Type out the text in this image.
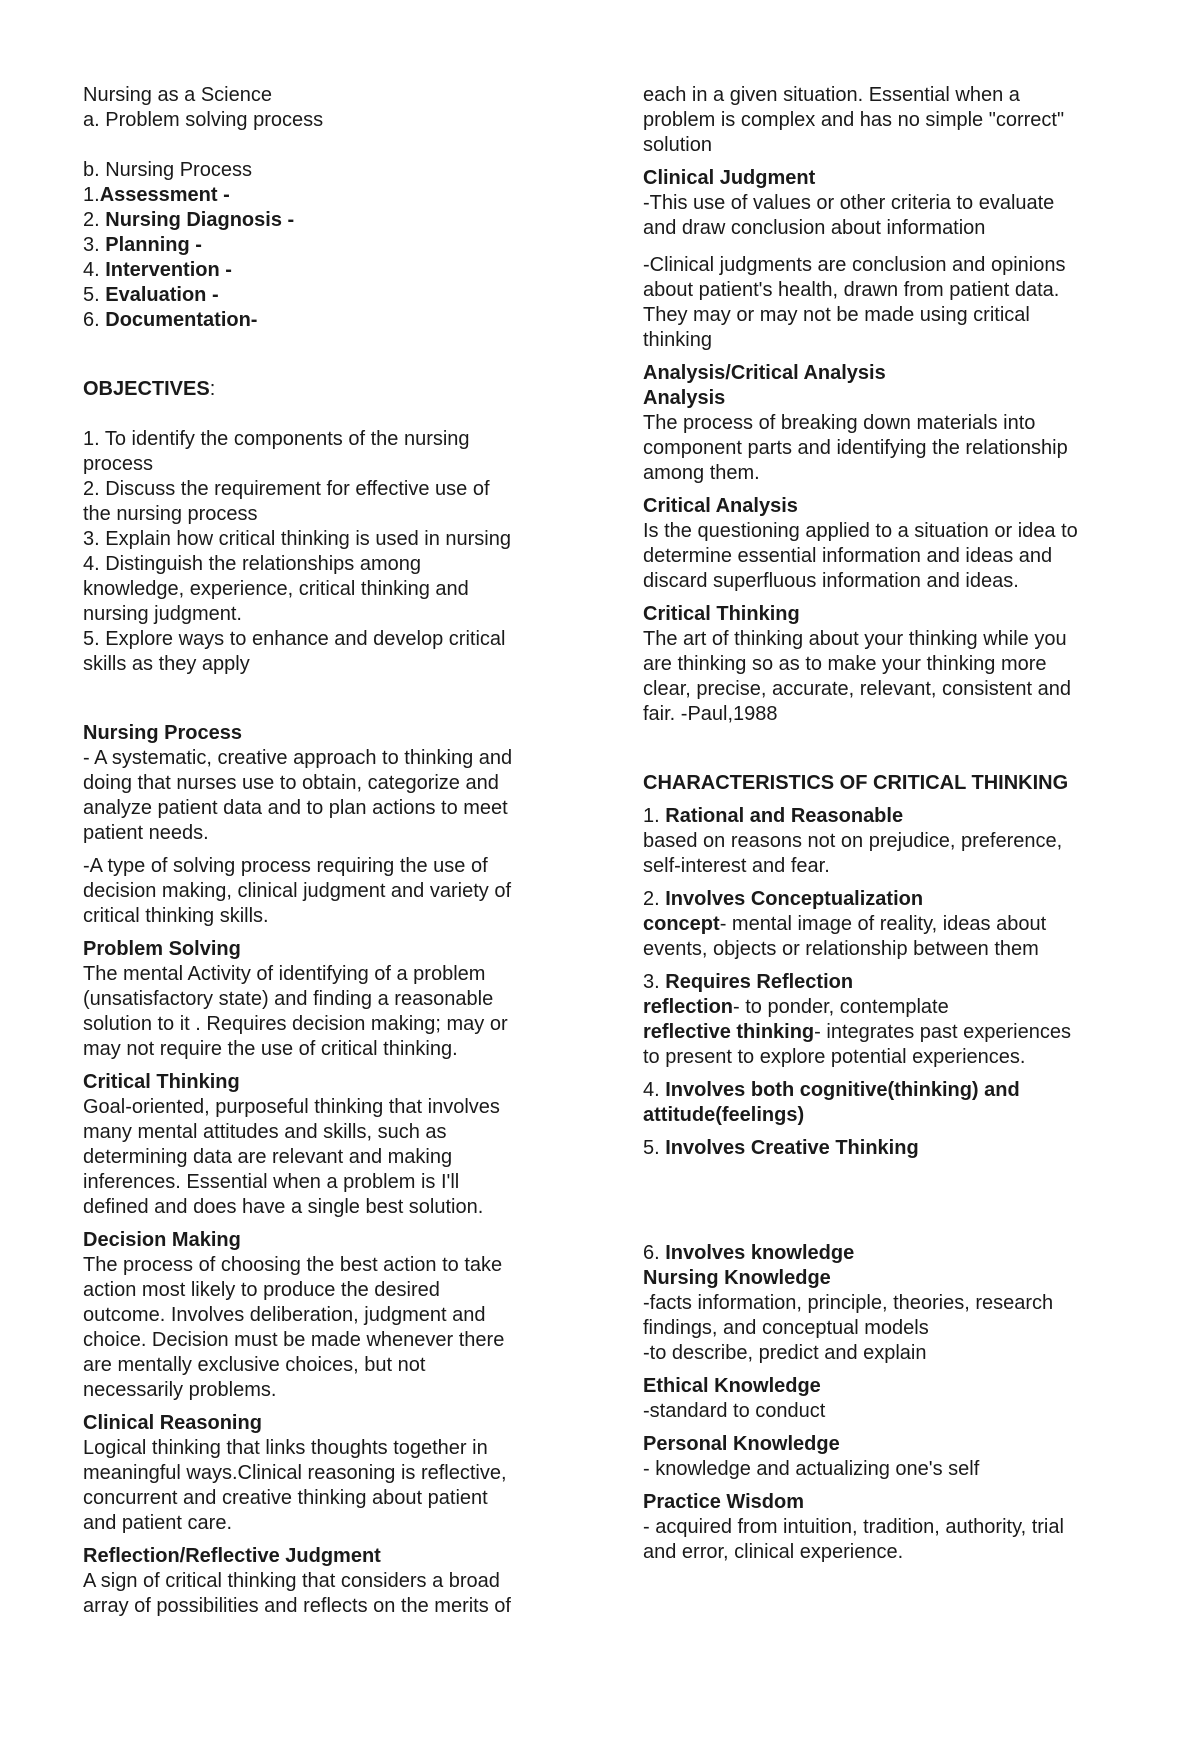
Nursing as a Science

a. Problem solving process

b. Nursing Process

1.Assessment -

2. Nursing Diagnosis -

3. Planning -

4. Intervention -

5. Evaluation -

6. Documentation-

OBJECTIVES:

1. To identify the components of the nursing

process

2. Discuss the requirement for effective use of

the nursing process

3. Explain how critical thinking is used in nursing

4. Distinguish the relationships among

knowledge, experience, critical thinking and

nursing judgment.

5. Explore ways to enhance and develop critical

skills as they apply

Nursing Process

- A systematic, creative approach to thinking and

doing that nurses use to obtain, categorize and

analyze patient data and to plan actions to meet

patient needs.

-A type of solving process requiring the use of

decision making, clinical judgment and variety of

critical thinking skills.

Problem Solving

The mental Activity of identifying of a problem

(unsatisfactory state) and finding a reasonable

solution to it . Requires decision making; may or

may not require the use of critical thinking.

Critical Thinking

Goal-oriented, purposeful thinking that involves

many mental attitudes and skills, such as

determining data are relevant and making

inferences. Essential when a problem is I'll

defined and does have a single best solution.

Decision Making

The process of choosing the best action to take

action most likely to produce the desired

outcome. Involves deliberation, judgment and

choice. Decision must be made whenever there

are mentally exclusive choices, but not

necessarily problems.

Clinical Reasoning

Logical thinking that links thoughts together in

meaningful ways.Clinical reasoning is reflective,

concurrent and creative thinking about patient

and patient care.

Reflection/Reflective Judgment

A sign of critical thinking that considers a broad

array of possibilities and reflects on the merits of

each in a given situation. Essential when a

problem is complex and has no simple "correct"

solution

Clinical Judgment

-This use of values or other criteria to evaluate

and draw conclusion about information

-Clinical judgments are conclusion and opinions

about patient's health, drawn from patient data.

They may or may not be made using critical

thinking

Analysis/Critical Analysis

Analysis

The process of breaking down materials into

component parts and identifying the relationship

among them.

Critical Analysis

Is the questioning applied to a situation or idea to

determine essential information and ideas and

discard superfluous information and ideas.

Critical Thinking

The art of thinking about your thinking while you

are thinking so as to make your thinking more

clear, precise, accurate, relevant, consistent and

fair. -Paul,1988

CHARACTERISTICS OF CRITICAL THINKING

1. Rational and Reasonable

based on reasons not on prejudice, preference,

self-interest and fear.

2. Involves Conceptualization

concept- mental image of reality, ideas about

events, objects or relationship between them

3. Requires Reflection

reflection- to ponder, contemplate

reflective thinking- integrates past experiences

to present to explore potential experiences.

4. Involves both cognitive(thinking) and

attitude(feelings)

5. Involves Creative Thinking

6. Involves knowledge

Nursing Knowledge

-facts information, principle, theories, research

findings, and conceptual models

-to describe, predict and explain

Ethical Knowledge

-standard to conduct

Personal Knowledge

- knowledge and actualizing one's self

Practice Wisdom

- acquired from intuition, tradition, authority, trial

and error, clinical experience.
